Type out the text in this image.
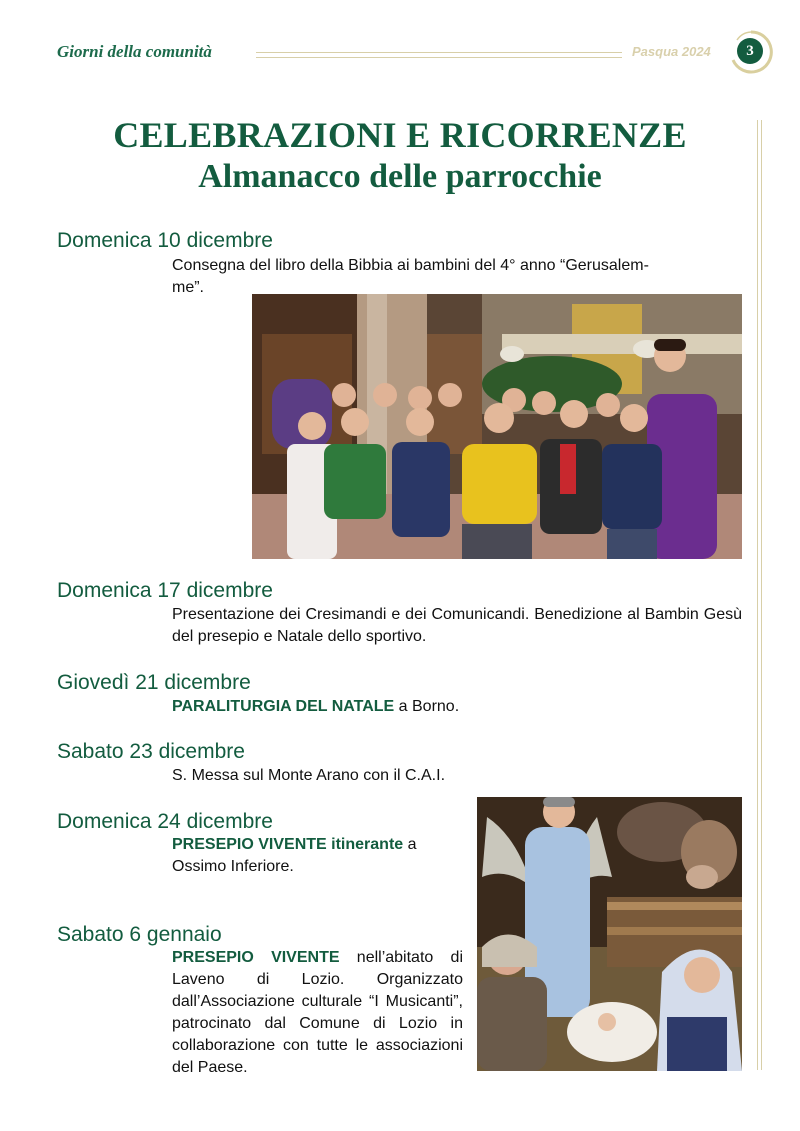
Giorni della comunità	Pasqua 2024	3
CELEBRAZIONI E RICORRENZE
Almanacco delle parrocchie

Domenica 10 dicembre

Consegna del libro della Bibbia ai bambini del 4° anno “Gerusalem-
me”.

Domenica 17 dicembre

Presentazione dei Cresimandi e dei Comunicandi. Benedizione al Bambin Gesù del presepio e Natale dello sportivo.

Giovedì 21 dicembre

PARALITURGIA DEL NATALE a Borno.

Sabato 23 dicembre

S. Messa sul Monte Arano con il C.A.I.

Domenica 24 dicembre

PRESEPIO VIVENTE itinerante a
Ossimo Inferiore.

Sabato 6 gennaio

PRESEPIO VIVENTE nell’abitato di Laveno di Lozio. Organizzato dall’Associazione culturale “I Musicanti”, patrocinato dal Comune di Lozio in collaborazione con tutte le associazioni del Paese.
